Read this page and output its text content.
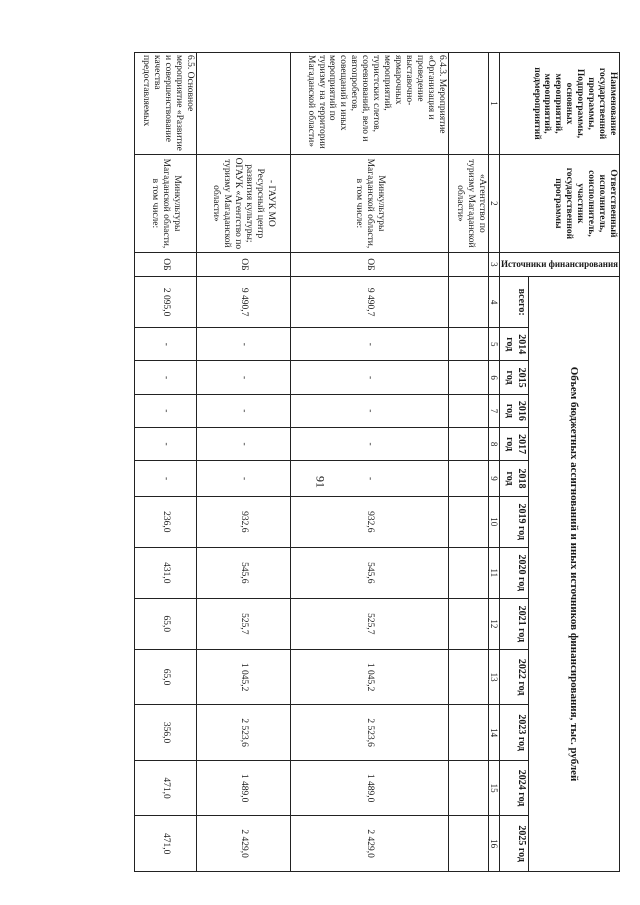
91
Наименование государственной программы, Подпрограммы, основных мероприятий, мероприятий, подмероприятий	Ответственный исполнитель, соисполнитель, участник государственной программы	Источники финансирования	Объем бюджетных ассигнований и иных источников финансирования, тыс. рублей												
			всего:	2014 год	2015 год	2016 год	2017 год	2018 год	2019 год	2020 год	2021 год	2022 год	2023 год	2024 год	2025 год
1	2	3	4	5	6	7	8	9	10	11	12	13	14	15	16
	«Агентство по туризму Магаданской области»														
6.4.3. Мероприятие «Организация и проведение выставочно-ярмарочных мероприятий, туристских слетов, соревнований, вело и автопробегов, совещаний и иных мероприятий по туризму на территории Магаданской области»	Минкультуры Магаданской области, в том числе:	ОБ	9 490,7	-	-	-	-	-	932,6	545,6	525,7	1 045,2	2 523,6	1 489,0	2 429,0
	- ГАУК МО Ресурсный центр развития культуры; ОГАУК «Агентство по туризму Магаданской области»	ОБ	9 490,7	-	-	-	-	-	932,6	545,6	525,7	1 045,2	2 523,6	1 489,0	2 429,0
6.5. Основное мероприятие «Развитие и совершенствование качества предоставляемых	Минкультуры Магаданской области, в том числе:	ОБ	2 095,0	-	-	-	-	-	236,0	431,0	65,0	65,0	356,0	471,0	471,0
